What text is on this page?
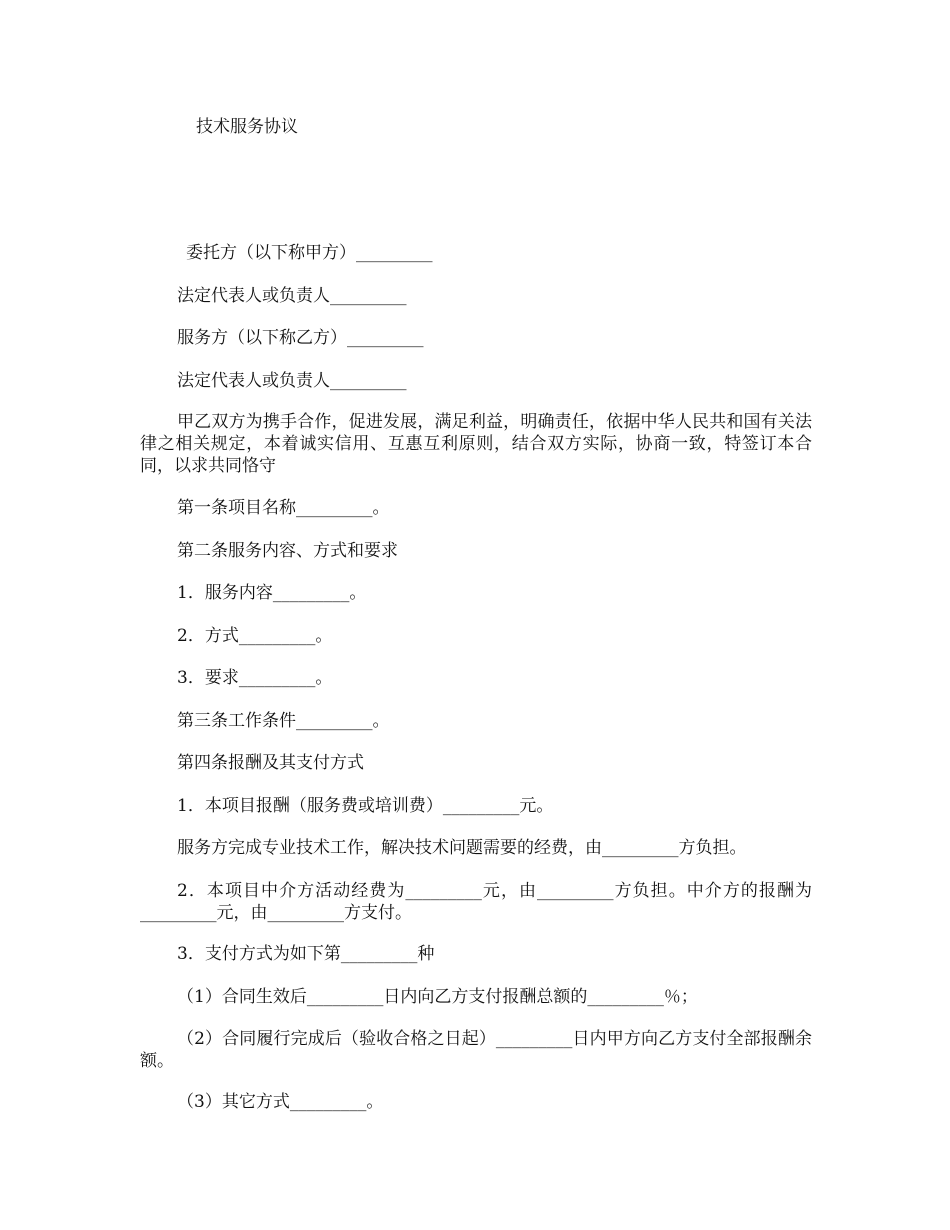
技术服务协议
委托方（以下称甲方）_________
法定代表人或负责人_________
服务方（以下称乙方）_________
法定代表人或负责人_________
甲乙双方为携手合作，促进发展，满足利益，明确责任，依据中华人民共和国有关法律之相关规定，本着诚实信用、互惠互利原则，结合双方实际，协商一致，特签订本合同，以求共同恪守
第一条项目名称_________。
第二条服务内容、方式和要求
1．服务内容_________。
2．方式_________。
3．要求_________。
第三条工作条件_________。
第四条报酬及其支付方式
1．本项目报酬（服务费或培训费）_________元。
服务方完成专业技术工作，解决技术问题需要的经费，由_________方负担。
2．本项目中介方活动经费为_________元，由_________方负担。中介方的报酬为_________元，由_________方支付。
3．支付方式为如下第_________种
（1）合同生效后_________日内向乙方支付报酬总额的_________％；
（2）合同履行完成后（验收合格之日起）_________日内甲方向乙方支付全部报酬余额。
（3）其它方式_________。
